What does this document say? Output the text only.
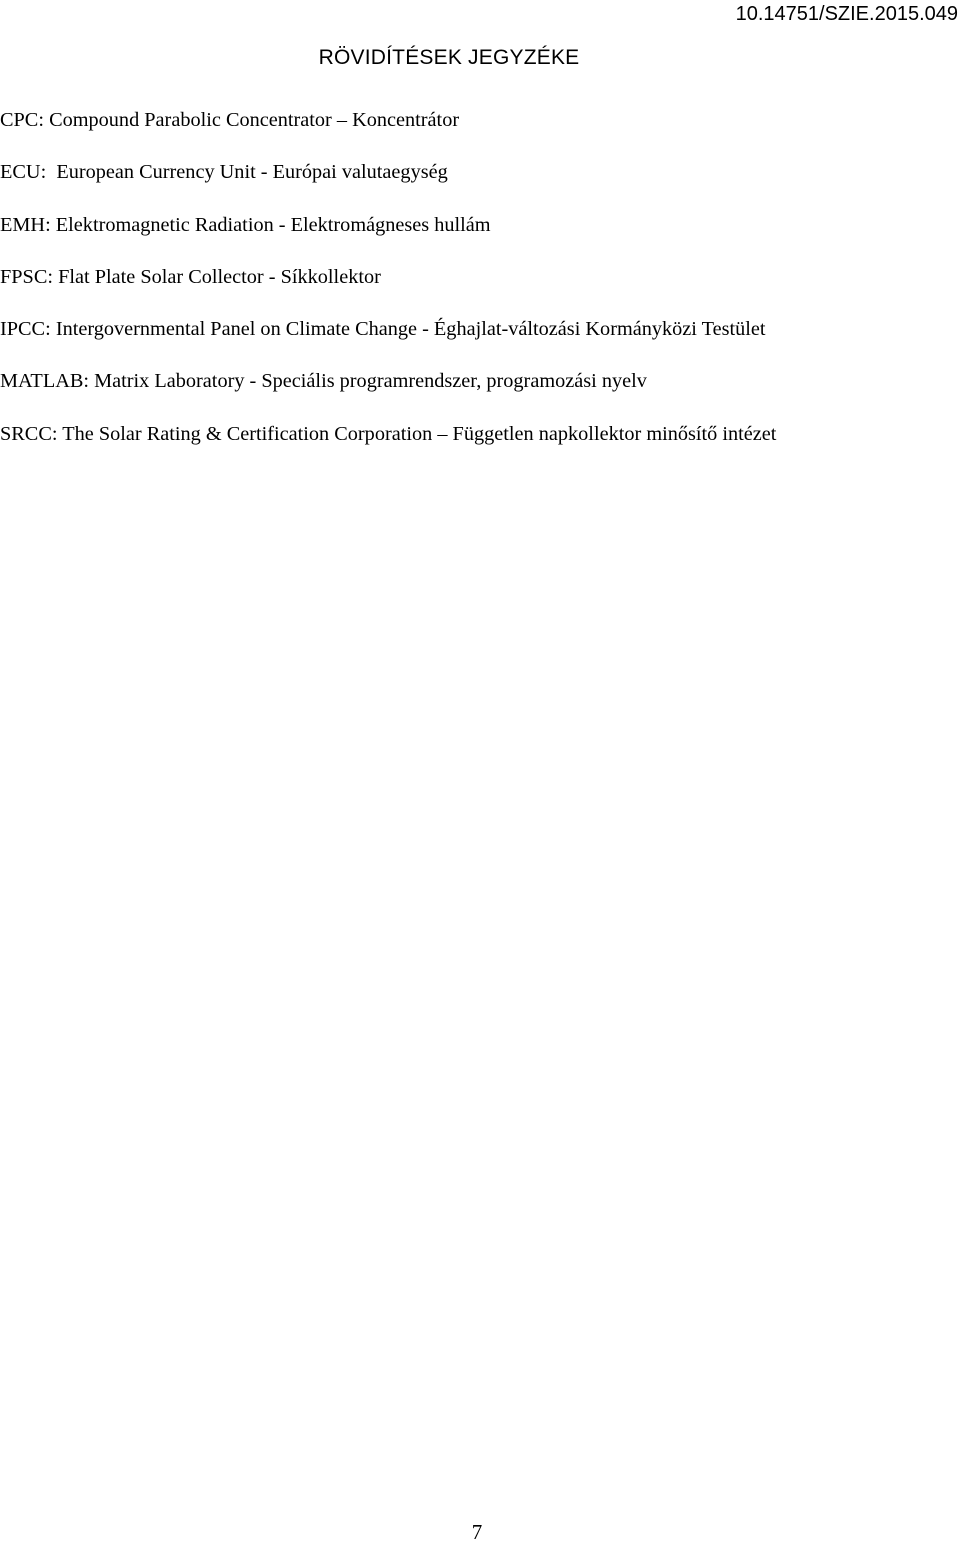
10.14751/SZIE.2015.049
RÖVIDÍTÉSEK JEGYZÉKE
CPC: Compound Parabolic Concentrator – Koncentrátor
ECU: European Currency Unit - Európai valutaegység
EMH: Elektromagnetic Radiation - Elektromágneses hullám
FPSC: Flat Plate Solar Collector - Síkkollektor
IPCC: Intergovernmental Panel on Climate Change - Éghajlat-változási Kormányközi Testület
MATLAB: Matrix Laboratory - Speciális programrendszer, programozási nyelv
SRCC: The Solar Rating & Certification Corporation – Független napkollektor minősítő intézet
7
